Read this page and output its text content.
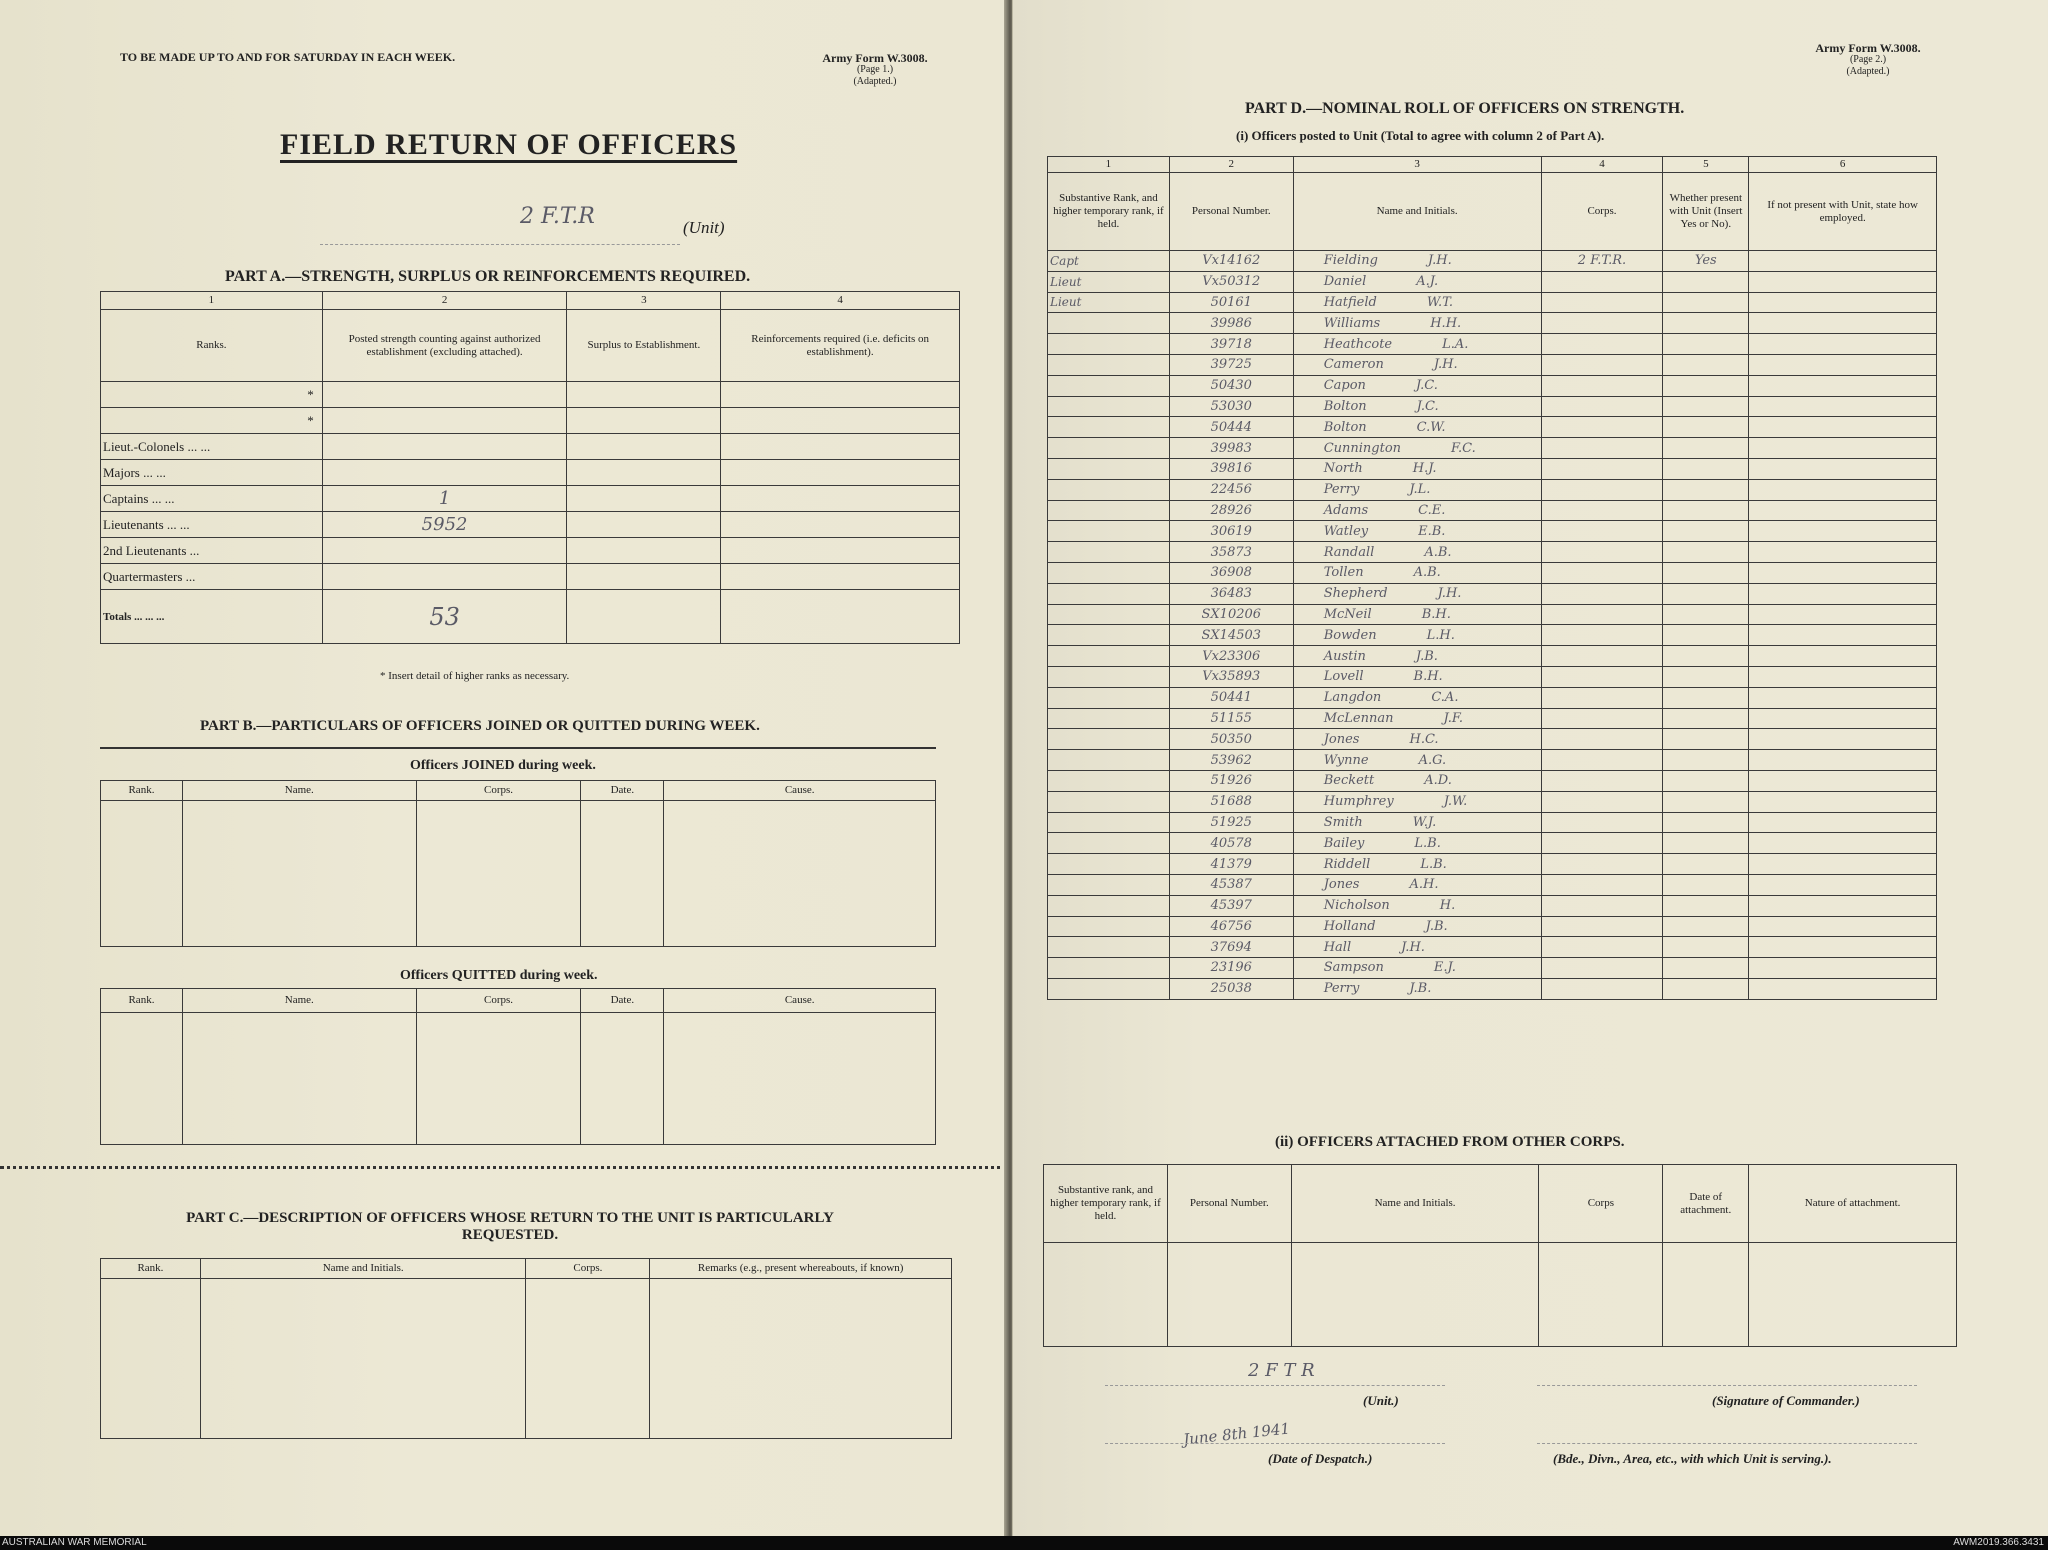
TO BE MADE UP TO AND FOR SATURDAY IN EACH WEEK.	Army Form W.3008.
(Page 1.)
(Adapted.)
FIELD RETURN OF OFFICERS
2 F.T.R	(Unit)
PART A.—STRENGTH, SURPLUS OR REINFORCEMENTS REQUIRED.
1	2	3	4
Ranks.	Posted strength counting against authorized establishment (excluding attached).	Surplus to Establishment.	Reinforcements required (i.e. deficits on establishment).
*			
*			
Lieut.-Colonels ... ...			
Majors ... ...			
Captains ... ...	1		
Lieutenants ... ...	5952		
2nd Lieutenants ...			
Quartermasters ...			
Totals ... ... ...	53		
* Insert detail of higher ranks as necessary.
PART B.—PARTICULARS OF OFFICERS JOINED OR QUITTED DURING WEEK.
Officers JOINED during week.
Rank.	Name.	Corps.	Date.	Cause.

Officers QUITTED during week.
Rank.	Name.	Corps.	Date.	Cause.

PART C.—DESCRIPTION OF OFFICERS WHOSE RETURN TO THE UNIT IS PARTICULARLY
REQUESTED.
Rank.	Name and Initials.	Corps.	Remarks (e.g., present whereabouts, if known)

Army Form W.3008.
(Page 2.)
(Adapted.)
PART D.—NOMINAL ROLL OF OFFICERS ON STRENGTH.
(i) Officers posted to Unit (Total to agree with column 2 of Part A).
1	2	3	4	5	6
Substantive Rank, and higher temporary rank, if held.	Personal Number.	Name and Initials.	Corps.	Whether present with Unit (Insert Yes or No).	If not present with Unit, state how employed.
Capt	Vx14162	Fielding J.H.	2 F.T.R.	Yes	
Lieut	Vx50312	Daniel A.J.			
Lieut	50161	Hatfield W.T.			
	39986	Williams H.H.			
	39718	Heathcote L.A.			
	39725	Cameron J.H.			
	50430	Capon J.C.			
	53030	Bolton J.C.			
	50444	Bolton C.W.			
	39983	Cunnington F.C.			
	39816	North H.J.			
	22456	Perry J.L.			
	28926	Adams C.E.			
	30619	Watley E.B.			
	35873	Randall A.B.			
	36908	Tollen A.B.			
	36483	Shepherd J.H.			
	SX10206	McNeil B.H.			
	SX14503	Bowden L.H.			
	Vx23306	Austin J.B.			
	Vx35893	Lovell B.H.			
	50441	Langdon C.A.			
	51155	McLennan J.F.			
	50350	Jones H.C.			
	53962	Wynne A.G.			
	51926	Beckett A.D.			
	51688	Humphrey J.W.			
	51925	Smith W.J.			
	40578	Bailey L.B.			
	41379	Riddell L.B.			
	45387	Jones A.H.			
	45397	Nicholson H.			
	46756	Holland J.B.			
	37694	Hall J.H.			
	23196	Sampson E.J.			
	25038	Perry J.B.			
(ii) OFFICERS ATTACHED FROM OTHER CORPS.
Substantive rank, and higher temporary rank, if held.	Personal Number.	Name and Initials.	Corps	Date of attachment.	Nature of attachment.

2 F T R
(Unit.)	(Signature of Commander.)
June 8th 1941
(Date of Despatch.)	(Bde., Divn., Area, etc., with which Unit is serving.).
AUSTRALIAN WAR MEMORIAL	AWM2019.366.3431
